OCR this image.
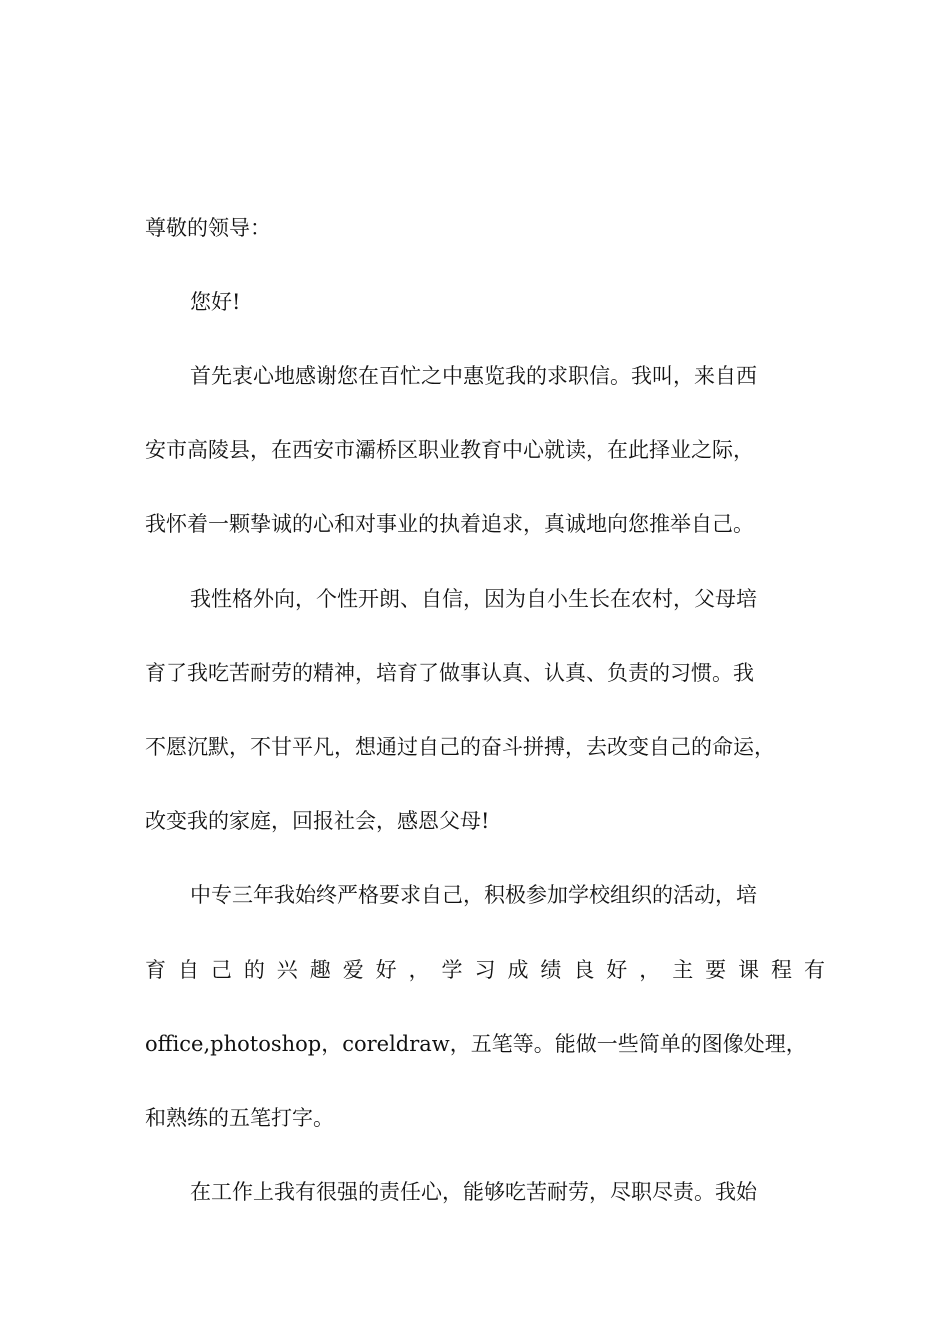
尊敬的领导：
您好!
首先衷心地感谢您在百忙之中惠览我的求职信。我叫，来自西
安市高陵县，在西安市灞桥区职业教育中心就读，在此择业之际，
我怀着一颗挚诚的心和对事业的执着追求，真诚地向您推举自己。
我性格外向，个性开朗、自信，因为自小生长在农村，父母培
育了我吃苦耐劳的精神，培育了做事认真、认真、负责的习惯。我
不愿沉默，不甘平凡，想通过自己的奋斗拼搏，去改变自己的命运，
改变我的家庭，回报社会，感恩父母!
中专三年我始终严格要求自己，积极参加学校组织的活动，培
育 自 己 的 兴 趣 爱 好 ， 学 习 成 绩 良 好 ， 主 要 课 程 有
office,photoshop，coreldraw，五笔等。能做一些简单的图像处理，
和熟练的五笔打字。
在工作上我有很强的责任心，能够吃苦耐劳，尽职尽责。我始
